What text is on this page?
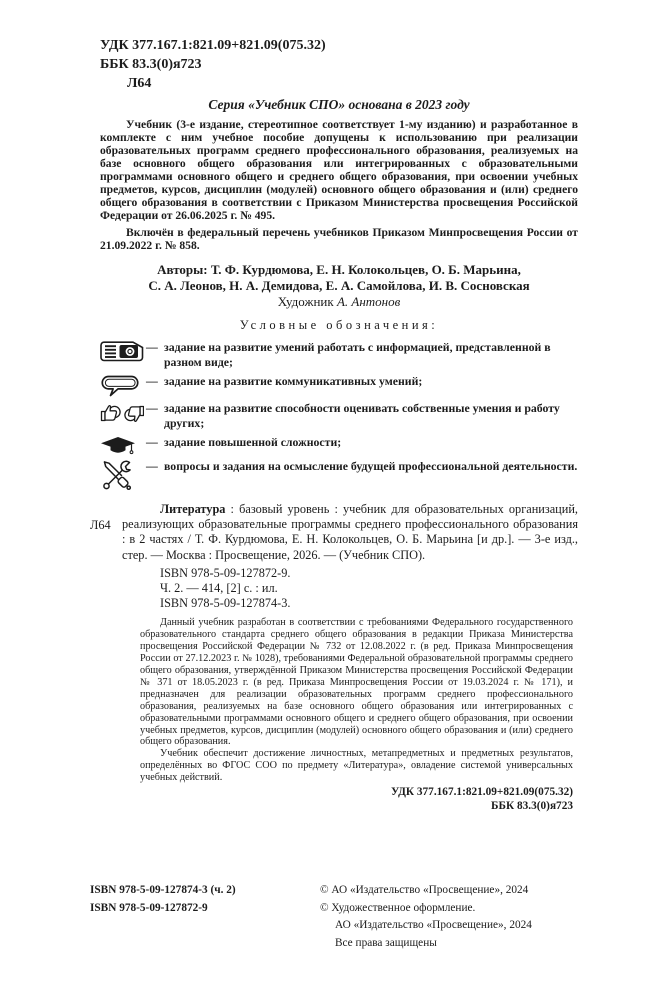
УДК 377.167.1:821.09+821.09(075.32)
ББК 83.3(0)я723
Л64
Серия «Учебник СПО» основана в 2023 году

Учебник (3-е издание, стереотипное соответствует 1-му изданию) и разработанное в комплекте с ним учебное пособие допущены к использованию при реализации образовательных программ среднего профессионального образования, реализуемых на базе основного общего образования или интегрированных с образовательными программами основного общего и среднего общего образования, при освоении учебных предметов, курсов, дисциплин (модулей) основного общего образования и (или) среднего общего образования в соответствии с Приказом Министерства просвещения Российской Федерации от 26.06.2025 г. № 495.

Включён в федеральный перечень учебников Приказом Минпросвещения России от 21.09.2022 г. № 858.

Авторы: Т. Ф. Курдюмова, Е. Н. Колокольцев, О. Б. Марьина,
С. А. Леонов, Н. А. Демидова, Е. А. Самойлова, И. В. Сосновская
Художник А. Антонов
Условные обозначения:
— задание на развитие умений работать с информацией, представленной в разном виде;
— задание на развитие коммуникативных умений;
— задание на развитие способности оценивать собственные умения и работу других;
— задание повышенной сложности;
— вопросы и задания на осмысление будущей профессиональной деятельности.
Л64

Литература : базовый уровень : учебник для образовательных организаций, реализующих образовательные программы среднего профессионального образования : в 2 частях / Т. Ф. Курдюмова, Е. Н. Колокольцев, О. Б. Марьина [и др.]. — 3-е изд., стер. — Москва : Просвещение, 2026. — (Учебник СПО).

ISBN 978-5-09-127872-9.
Ч. 2. — 414, [2] с. : ил.
ISBN 978-5-09-127874-3.

Данный учебник разработан в соответствии с требованиями Федерального государственного образовательного стандарта среднего общего образования в редакции Приказа Министерства просвещения Российской Федерации № 732 от 12.08.2022 г. (в ред. Приказа Минпросвещения России от 27.12.2023 г. № 1028), требованиями Федеральной образовательной программы среднего общего образования, утверждённой Приказом Министерства просвещения Российской Федерации № 371 от 18.05.2023 г. (в ред. Приказа Минпросвещения России от 19.03.2024 г. № 171), и предназначен для реализации образовательных программ среднего профессионального образования, реализуемых на базе основного общего образования или интегрированных с образовательными программами основного общего и среднего общего образования, при освоении учебных предметов, курсов, дисциплин (модулей) основного общего образования и (или) среднего общего образования.

Учебник обеспечит достижение личностных, метапредметных и предметных результатов, определённых во ФГОС СОО по предмету «Литература», овладение системой универсальных учебных действий.

УДК 377.167.1:821.09+821.09(075.32)
ББК 83.3(0)я723
ISBN 978-5-09-127874-3 (ч. 2)
ISBN 978-5-09-127872-9
© АО «Издательство «Просвещение», 2024
© Художественное оформление.
АО «Издательство «Просвещение», 2024
Все права защищены
